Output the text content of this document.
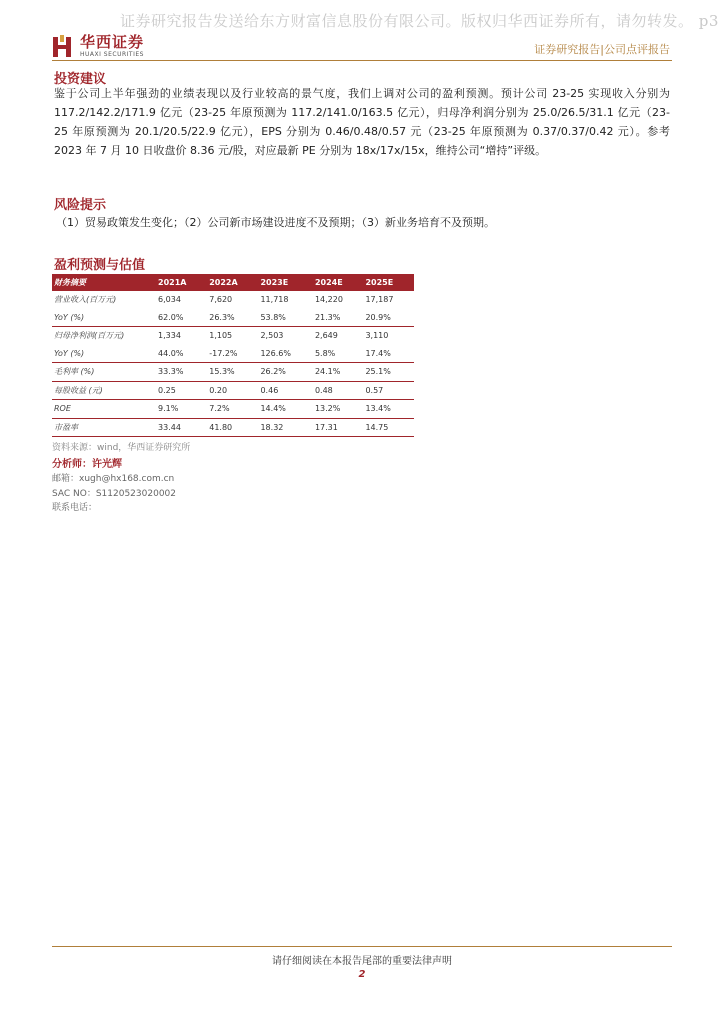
证券研究报告发送给东方财富信息股份有限公司。版权归华西证券所有，请勿转发。 p3
华西证券
HUAXI SECURITIES	证券研究报告|公司点评报告
投资建议
鉴于公司上半年强劲的业绩表现以及行业较高的景气度，我们上调对公司的盈利预测。预计公司 23-25 实现收入分别为 117.2/142.2/171.9 亿元（23-25 年原预测为 117.2/141.0/163.5 亿元），归母净利润分别为 25.0/26.5/31.1 亿元（23-25 年原预测为 20.1/20.5/22.9 亿元），EPS 分别为 0.46/0.48/0.57 元（23-25 年原预测为 0.37/0.37/0.42 元）。参考 2023 年 7 月 10 日收盘价 8.36 元/股，对应最新 PE 分别为 18x/17x/15x，维持公司“增持”评级。
风险提示
（1）贸易政策发生变化；（2）公司新市场建设进度不及预期；（3）新业务培育不及预期。
盈利预测与估值
财务摘要	2021A	2022A	2023E	2024E	2025E
营业收入(百万元)	6,034	7,620	11,718	14,220	17,187
YoY (%)	62.0%	26.3%	53.8%	21.3%	20.9%
归母净利润(百万元)	1,334	1,105	2,503	2,649	3,110
YoY (%)	44.0%	-17.2%	126.6%	5.8%	17.4%
毛利率 (%)	33.3%	15.3%	26.2%	24.1%	25.1%
每股收益 (元)	0.25	0.20	0.46	0.48	0.57
ROE	9.1%	7.2%	14.4%	13.2%	13.4%
市盈率	33.44	41.80	18.32	17.31	14.75
资料来源：wind，华西证券研究所
分析师：许光辉
邮箱：xugh@hx168.com.cn
SAC NO：S1120523020002
联系电话：
请仔细阅读在本报告尾部的重要法律声明
2
